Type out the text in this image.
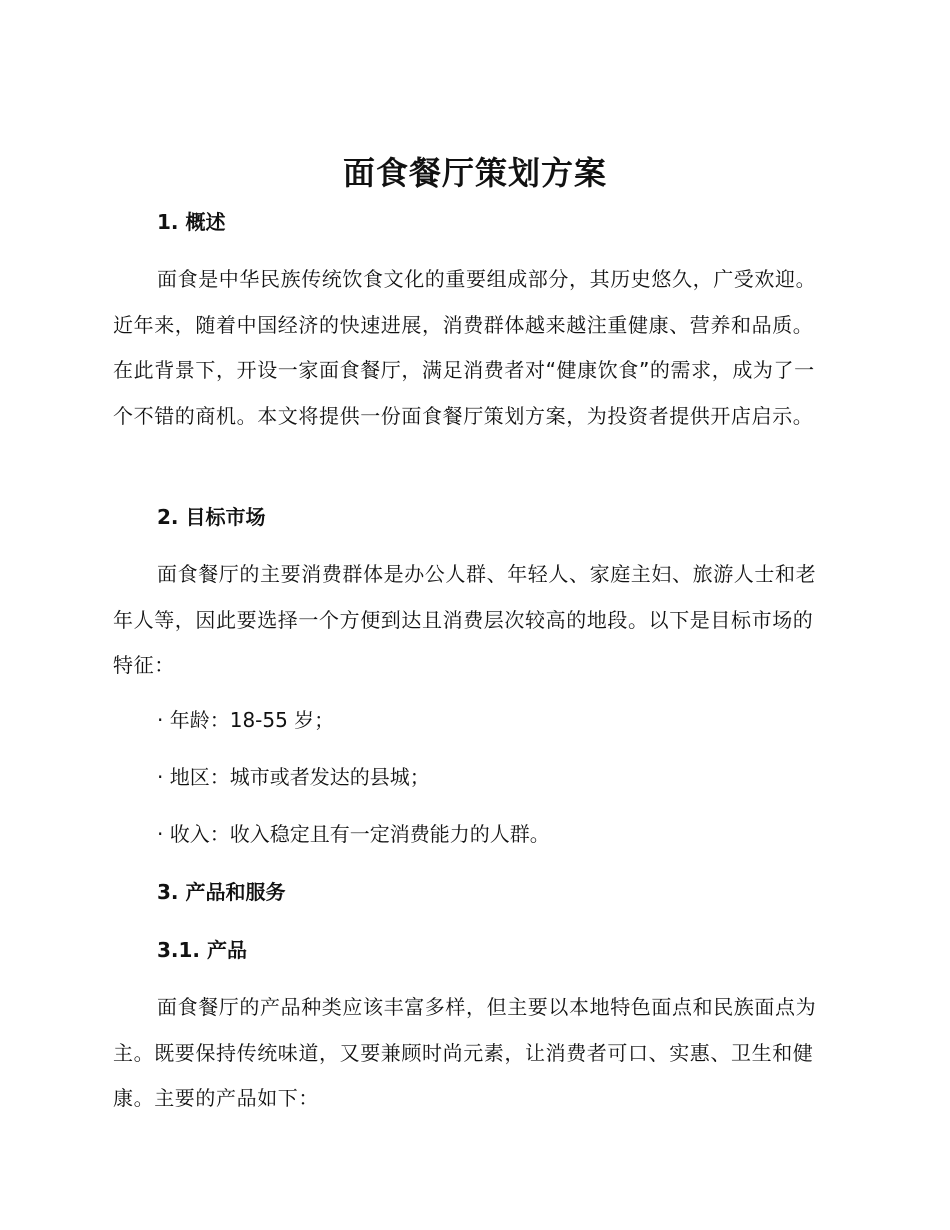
面食餐厅策划方案
1. 概述
面食是中华民族传统饮食文化的重要组成部分，其历史悠久，广受欢迎。近年来，随着中国经济的快速进展，消费群体越来越注重健康、营养和品质。在此背景下，开设一家面食餐厅，满足消费者对“健康饮食”的需求，成为了一个不错的商机。本文将提供一份面食餐厅策划方案，为投资者提供开店启示。
2. 目标市场
面食餐厅的主要消费群体是办公人群、年轻人、家庭主妇、旅游人士和老年人等，因此要选择一个方便到达且消费层次较高的地段。以下是目标市场的特征：
· 年龄：18-55 岁；
· 地区：城市或者发达的县城；
· 收入：收入稳定且有一定消费能力的人群。
3. 产品和服务
3.1. 产品
面食餐厅的产品种类应该丰富多样，但主要以本地特色面点和民族面点为主。既要保持传统味道，又要兼顾时尚元素，让消费者可口、实惠、卫生和健康。主要的产品如下：
